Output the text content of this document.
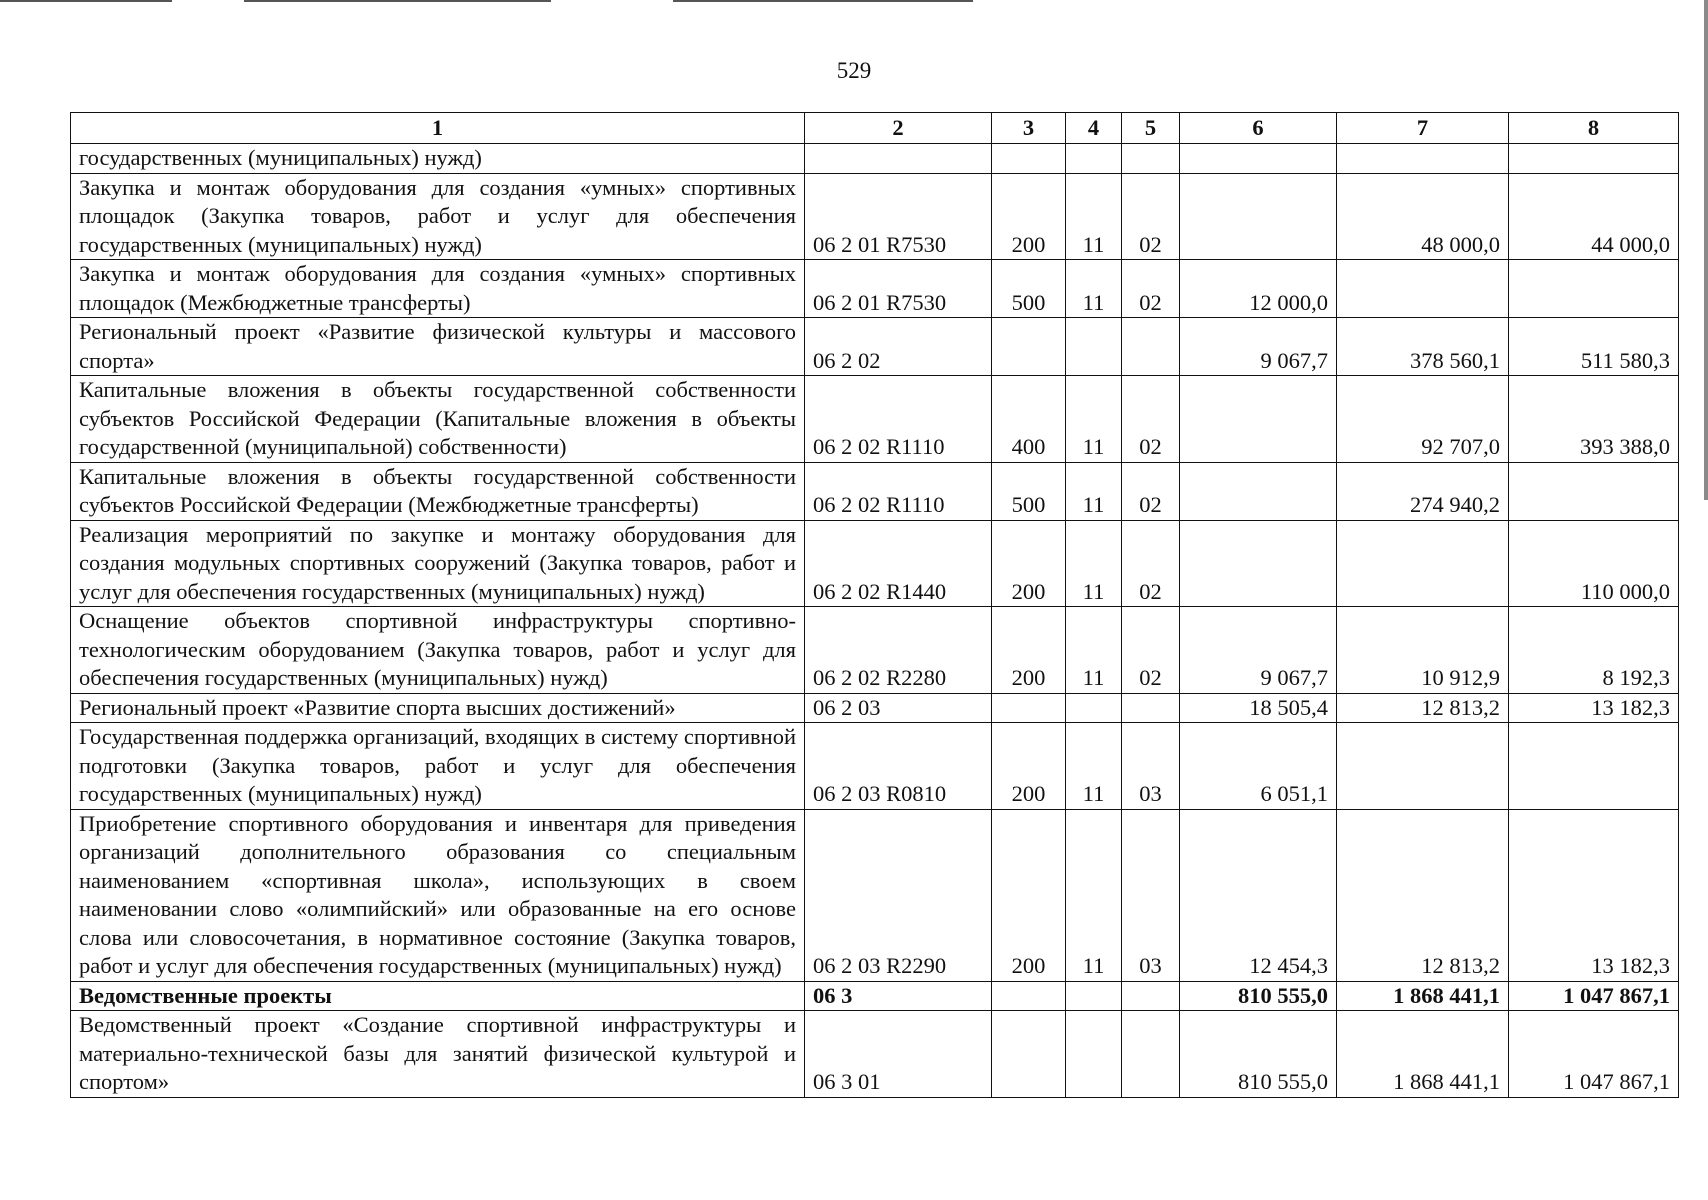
529
1	2	3	4	5	6	7	8
государственных (муниципальных) нужд)							
Закупка и монтаж оборудования для создания «умных» спортивных площадок (Закупка товаров, работ и услуг для обеспечения государственных (муниципальных) нужд)	06 2 01 R7530	200	11	02		48 000,0	44 000,0
Закупка и монтаж оборудования для создания «умных» спортивных площадок (Межбюджетные трансферты)	06 2 01 R7530	500	11	02	12 000,0		
Региональный проект «Развитие физической культуры и массового спорта»	06 2 02				9 067,7	378 560,1	511 580,3
Капитальные вложения в объекты государственной собственности субъектов Российской Федерации (Капитальные вложения в объекты государственной (муниципальной) собственности)	06 2 02 R1110	400	11	02		92 707,0	393 388,0
Капитальные вложения в объекты государственной собственности субъектов Российской Федерации (Межбюджетные трансферты)	06 2 02 R1110	500	11	02		274 940,2	
Реализация мероприятий по закупке и монтажу оборудования для создания модульных спортивных сооружений (Закупка товаров, работ и услуг для обеспечения государственных (муниципальных) нужд)	06 2 02 R1440	200	11	02			110 000,0
Оснащение объектов спортивной инфраструктуры спортивно-технологическим оборудованием (Закупка товаров, работ и услуг для обеспечения государственных (муниципальных) нужд)	06 2 02 R2280	200	11	02	9 067,7	10 912,9	8 192,3
Региональный проект «Развитие спорта высших достижений»	06 2 03				18 505,4	12 813,2	13 182,3
Государственная поддержка организаций, входящих в систему спортивной подготовки (Закупка товаров, работ и услуг для обеспечения государственных (муниципальных) нужд)	06 2 03 R0810	200	11	03	6 051,1		
Приобретение спортивного оборудования и инвентаря для приведения организаций дополнительного образования со специальным наименованием «спортивная школа», использующих в своем наименовании слово «олимпийский» или образованные на его основе слова или словосочетания, в нормативное состояние (Закупка товаров, работ и услуг для обеспечения государственных (муниципальных) нужд)	06 2 03 R2290	200	11	03	12 454,3	12 813,2	13 182,3
Ведомственные проекты	06 3				810 555,0	1 868 441,1	1 047 867,1
Ведомственный проект «Создание спортивной инфраструктуры и материально-технической базы для занятий физической культурой и спортом»	06 3 01				810 555,0	1 868 441,1	1 047 867,1
